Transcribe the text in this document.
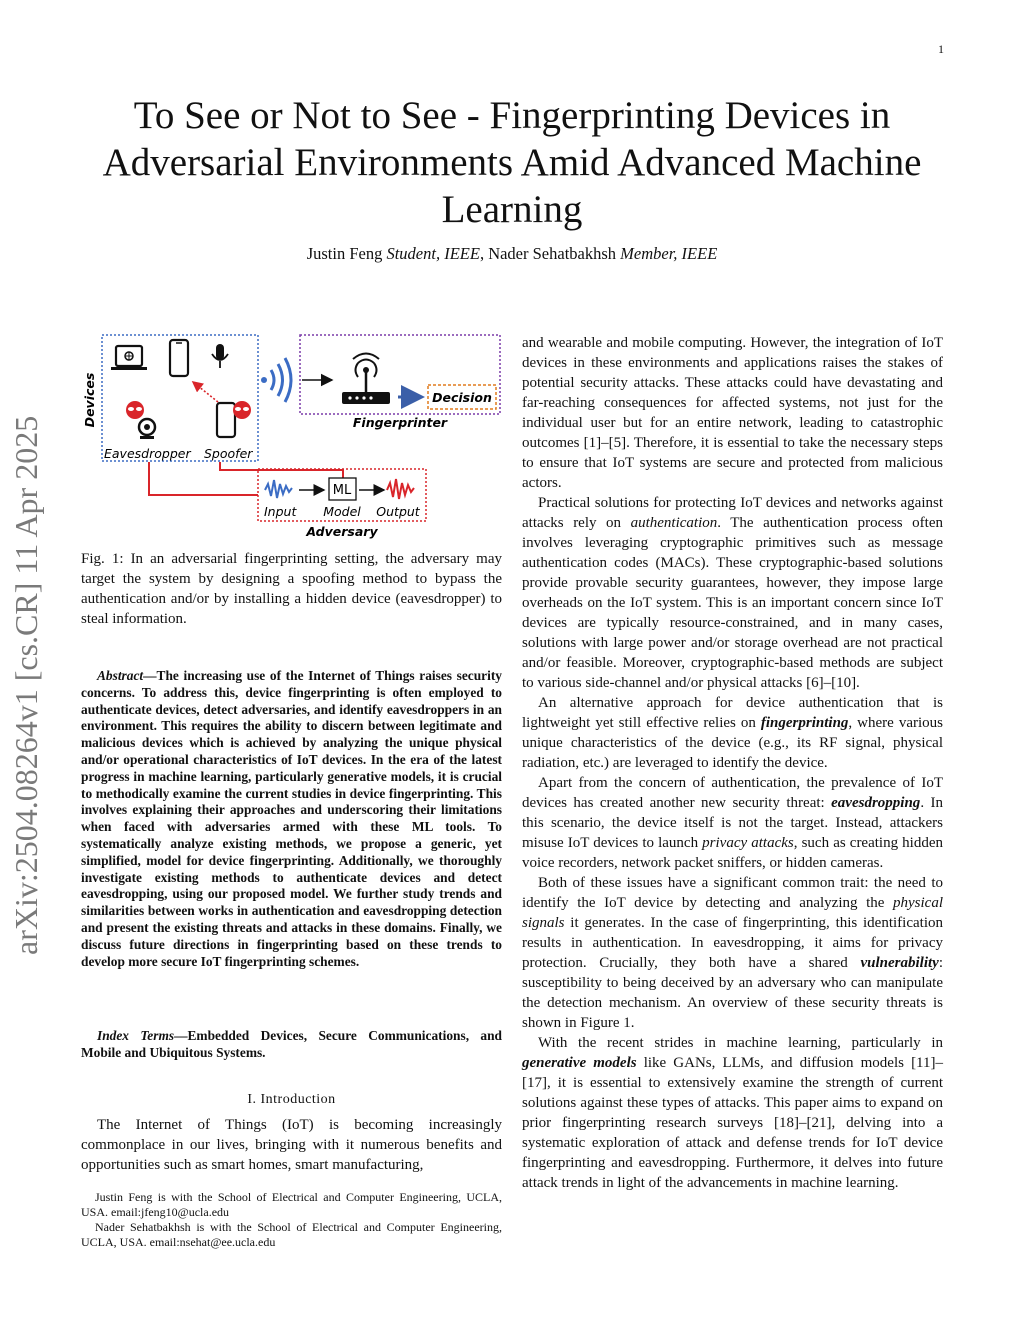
1
To See or Not to See - Fingerprinting Devices in Adversarial Environments Amid Advanced Machine Learning
Justin Feng Student, IEEE, Nader Sehatbakhsh Member, IEEE
arXiv:2504.08264v1 [cs.CR] 11 Apr 2025
Devices
Eavesdropper Spoofer
Decision
Fingerprinter
ML
Input Model Output
Adversary
Fig. 1: In an adversarial fingerprinting setting, the adversary may target the system by designing a spoofing method to bypass the authentication and/or by installing a hidden device (eavesdropper) to steal information.

Abstract—The increasing use of the Internet of Things raises security concerns. To address this, device fingerprinting is often employed to authenticate devices, detect adversaries, and identify eavesdroppers in an environment. This requires the ability to discern between legitimate and malicious devices which is achieved by analyzing the unique physical and/or operational characteristics of IoT devices. In the era of the latest progress in machine learning, particularly generative models, it is crucial to methodically examine the current studies in device fingerprinting. This involves explaining their approaches and underscoring their limitations when faced with adversaries armed with these ML tools. To systematically analyze existing methods, we propose a generic, yet simplified, model for device fingerprinting. Additionally, we thoroughly investigate existing methods to authenticate devices and detect eavesdropping, using our proposed model. We further study trends and similarities between works in authentication and eavesdropping detection and present the existing threats and attacks in these domains. Finally, we discuss future directions in fingerprinting based on these trends to develop more secure IoT fingerprinting schemes.

Index Terms—Embedded Devices, Secure Communications, and Mobile and Ubiquitous Systems.

I. Introduction

The Internet of Things (IoT) is becoming increasingly commonplace in our lives, bringing with it numerous benefits and opportunities such as smart homes, smart manufacturing,

Justin Feng is with the School of Electrical and Computer Engineering, UCLA, USA. email:jfeng10@ucla.edu

Nader Sehatbakhsh is with the School of Electrical and Computer Engineering, UCLA, USA. email:nsehat@ee.ucla.edu

and wearable and mobile computing. However, the integration of IoT devices in these environments and applications raises the stakes of potential security attacks. These attacks could have devastating and far-reaching consequences for affected systems, not just for the individual user but for an entire network, leading to catastrophic outcomes [1]–[5]. Therefore, it is essential to take the necessary steps to ensure that IoT systems are secure and protected from malicious actors.

Practical solutions for protecting IoT devices and networks against attacks rely on authentication. The authentication process often involves leveraging cryptographic primitives such as message authentication codes (MACs). These cryptographic-based solutions provide provable security guarantees, however, they impose large overheads on the IoT system. This is an important concern since IoT devices are typically resource-constrained, and in many cases, solutions with large power and/or storage overhead are not practical and/or feasible. Moreover, cryptographic-based methods are subject to various side-channel and/or physical attacks [6]–[10].

An alternative approach for device authentication that is lightweight yet still effective relies on fingerprinting, where various unique characteristics of the device (e.g., its RF signal, physical radiation, etc.) are leveraged to identify the device.

Apart from the concern of authentication, the prevalence of IoT devices has created another new security threat: eavesdropping. In this scenario, the device itself is not the target. Instead, attackers misuse IoT devices to launch privacy attacks, such as creating hidden voice recorders, network packet sniffers, or hidden cameras.

Both of these issues have a significant common trait: the need to identify the IoT device by detecting and analyzing the physical signals it generates. In the case of fingerprinting, this identification results in authentication. In eavesdropping, it aims for privacy protection. Crucially, they both have a shared vulnerability: susceptibility to being deceived by an adversary who can manipulate the detection mechanism. An overview of these security threats is shown in Figure 1.

With the recent strides in machine learning, particularly in generative models like GANs, LLMs, and diffusion models [11]–[17], it is essential to extensively examine the strength of current solutions against these types of attacks. This paper aims to expand on prior fingerprinting research surveys [18]–[21], delving into a systematic exploration of attack and defense trends for IoT device fingerprinting and eavesdropping. Furthermore, it delves into future attack trends in light of the advancements in machine learning.
